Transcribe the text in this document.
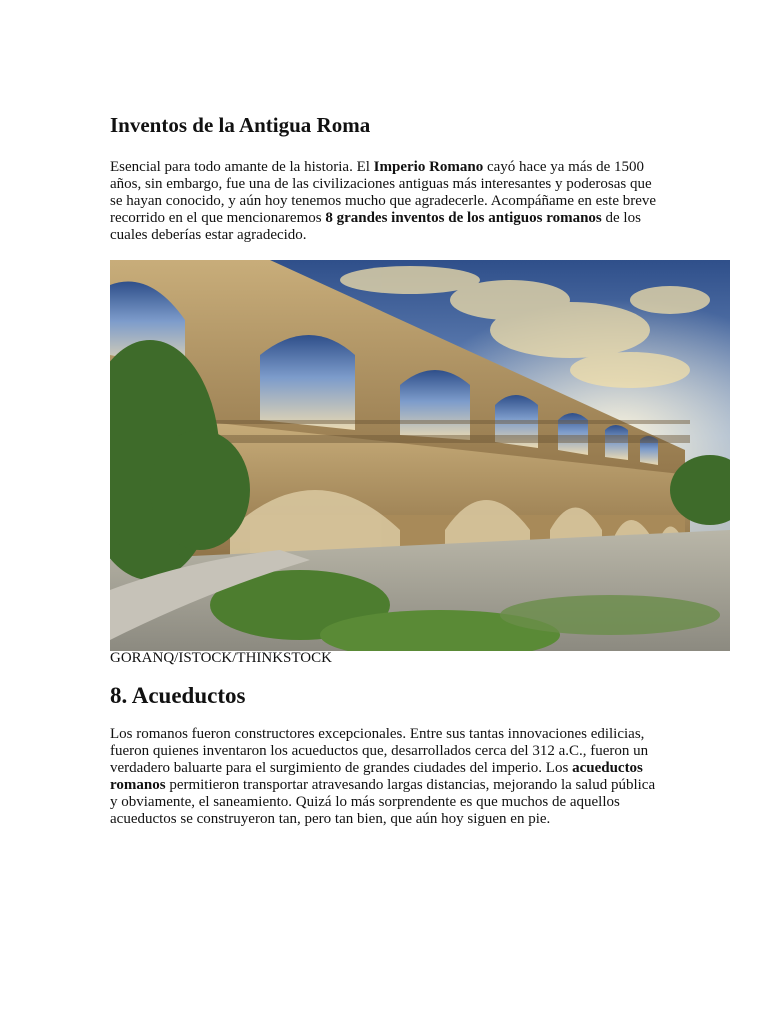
Inventos de la Antigua Roma

Esencial para todo amante de la historia. El Imperio Romano cayó hace ya más de 1500 años, sin embargo, fue una de las civilizaciones antiguas más interesantes y poderosas que se hayan conocido, y aún hoy tenemos mucho que agradecerle. Acompáñame en este breve recorrido en el que mencionaremos 8 grandes inventos de los antiguos romanos de los cuales deberías estar agradecido.

GORANQ/ISTOCK/THINKSTOCK
8. Acueductos

Los romanos fueron constructores excepcionales. Entre sus tantas innovaciones edilicias, fueron quienes inventaron los acueductos que, desarrollados cerca del 312 a.C., fueron un verdadero baluarte para el surgimiento de grandes ciudades del imperio. Los acueductos romanos permitieron transportar atravesando largas distancias, mejorando la salud pública y obviamente, el saneamiento. Quizá lo más sorprendente es que muchos de aquellos acueductos se construyeron tan, pero tan bien, que aún hoy siguen en pie.
